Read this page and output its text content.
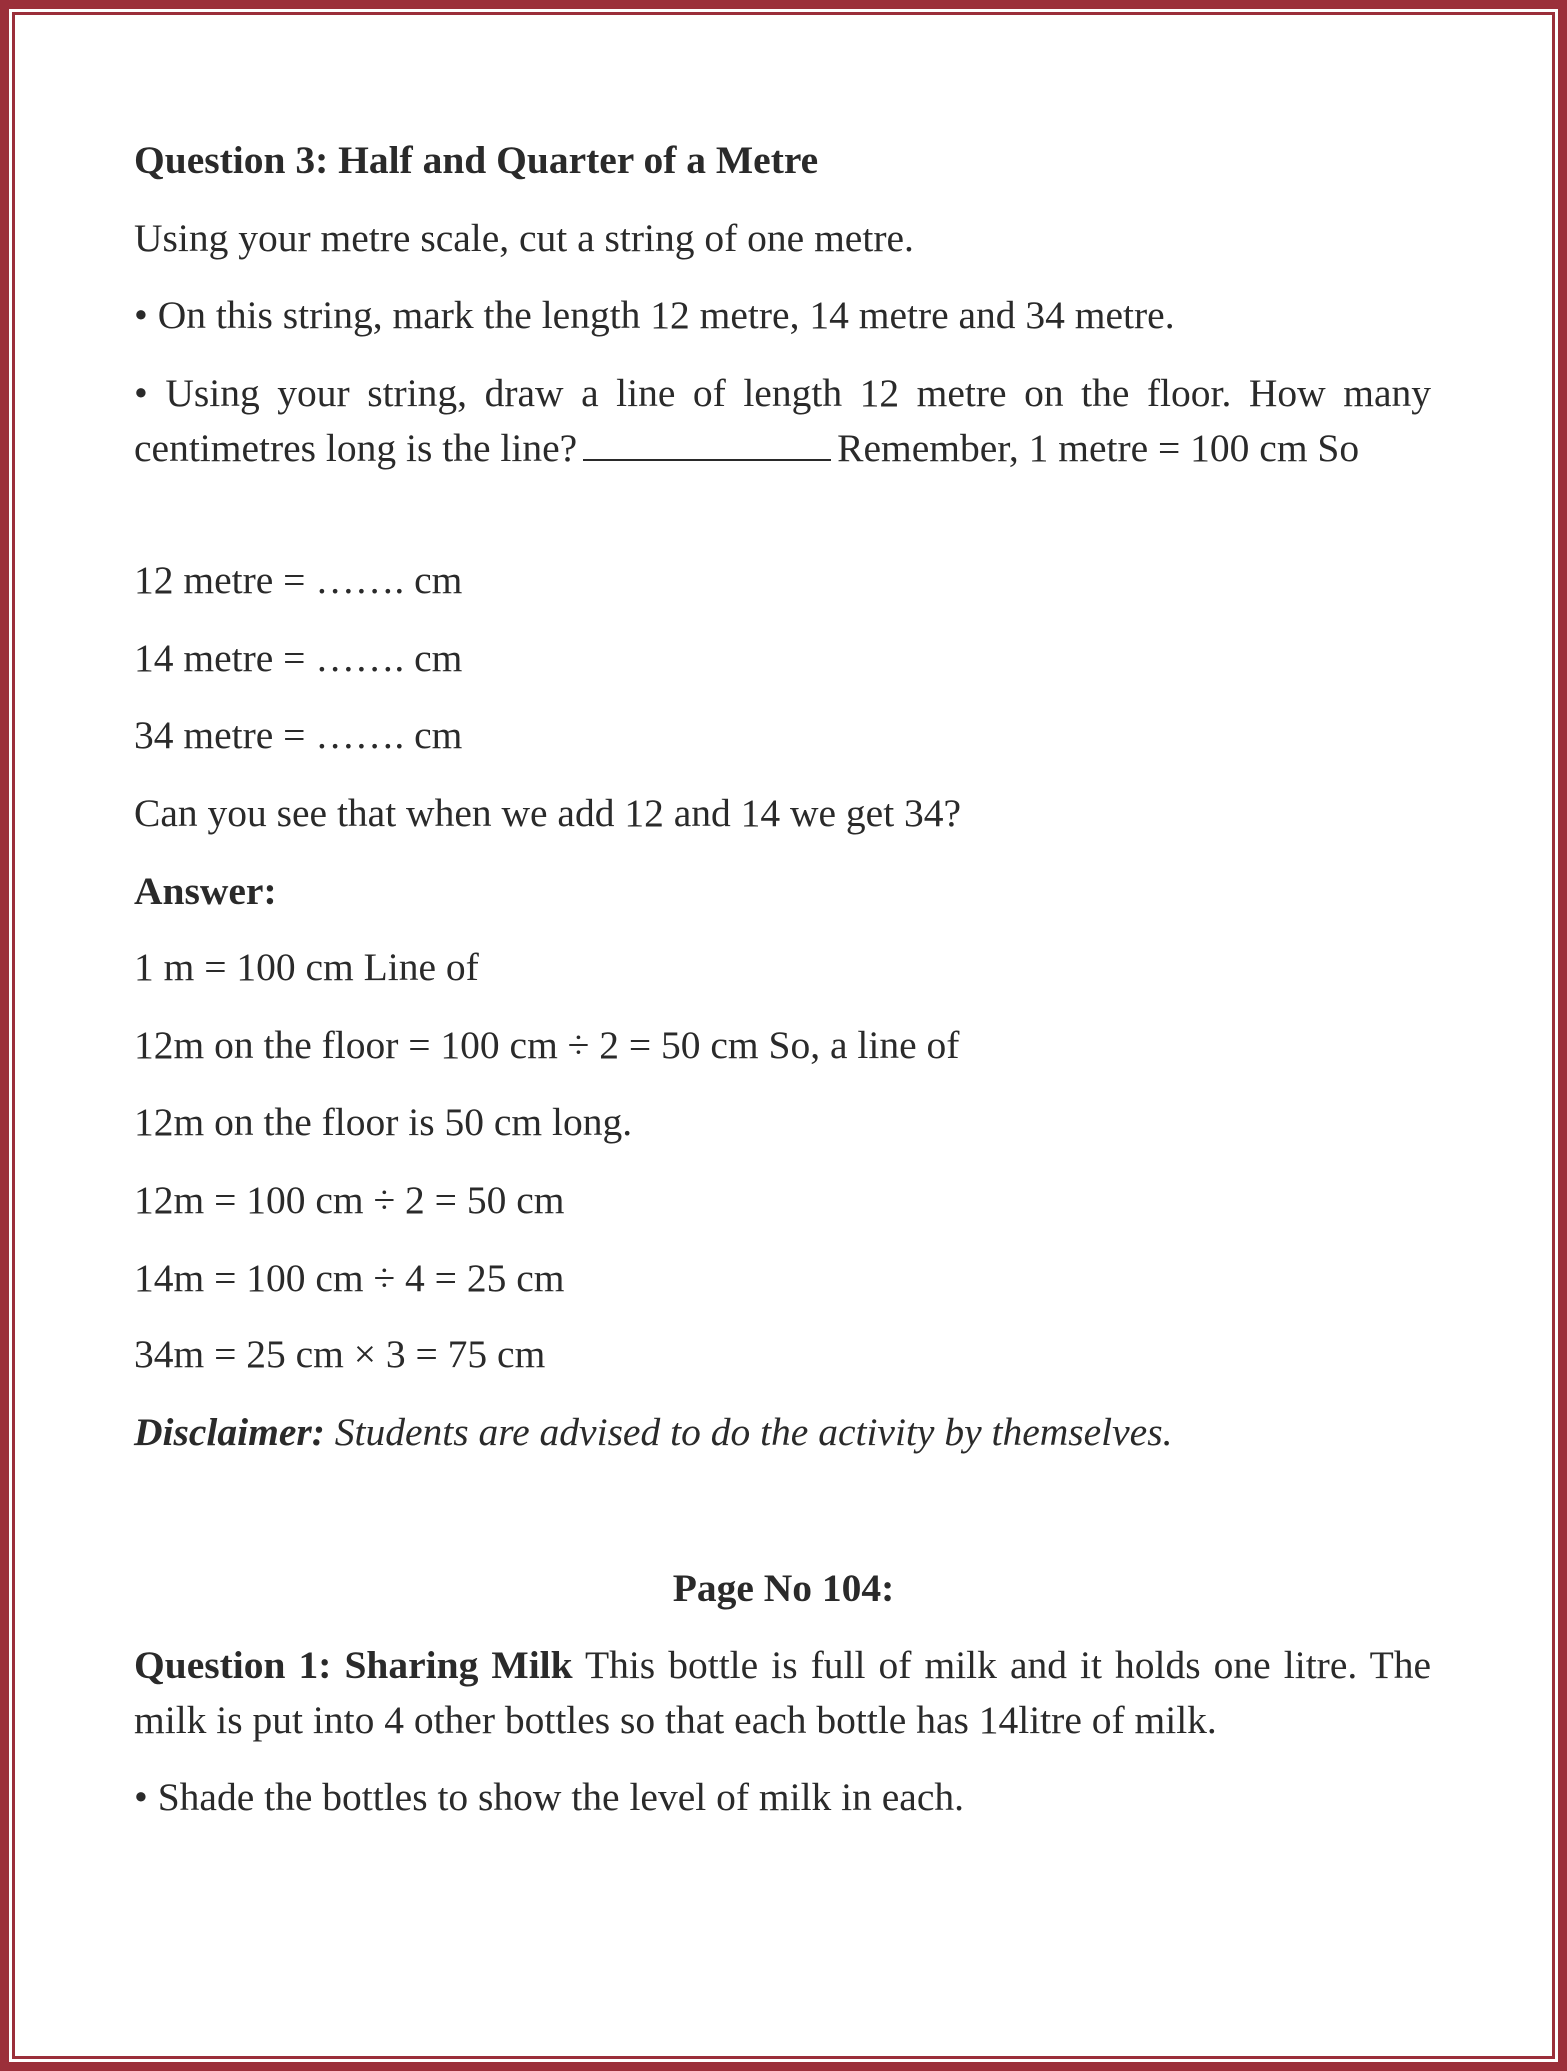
Question 3: Half and Quarter of a Metre
Using your metre scale, cut a string of one metre.
• On this string, mark the length 12 metre, 14 metre and 34 metre.
• Using your string, draw a line of length 12 metre on the floor. How many centimetres long is the line?	Remember, 1 metre = 100 cm So
12 metre = ……. cm
14 metre = ……. cm
34 metre = ……. cm
Can you see that when we add 12 and 14 we get 34?
Answer:
1 m = 100 cm Line of
12m on the floor = 100 cm ÷ 2 = 50 cm So, a line of
12m on the floor is 50 cm long.
12m = 100 cm ÷ 2 = 50 cm
14m = 100 cm ÷ 4 = 25 cm
34m = 25 cm × 3 = 75 cm
Disclaimer: Students are advised to do the activity by themselves.
Page No 104:
Question 1: Sharing Milk This bottle is full of milk and it holds one litre. The milk is put into 4 other bottles so that each bottle has 14litre of milk.
• Shade the bottles to show the level of milk in each.
